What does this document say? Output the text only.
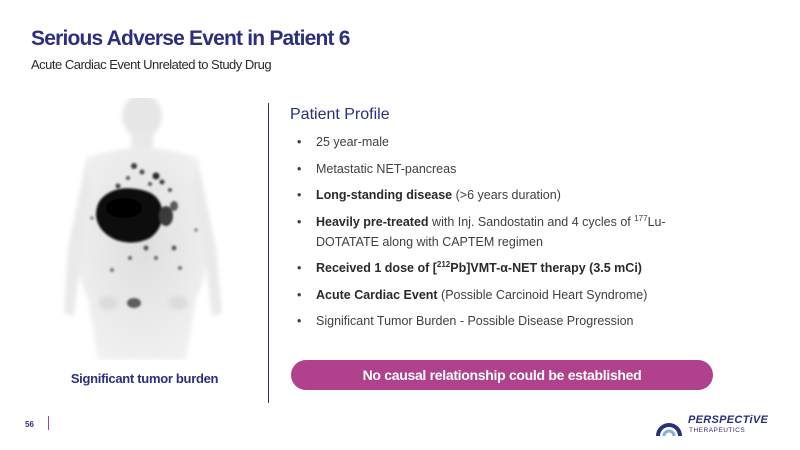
Serious Adverse Event in Patient 6
Acute Cardiac Event Unrelated to Study Drug
Significant tumor burden
Patient Profile
• 25 year-male
• Metastatic NET-pancreas
• Long-standing disease (>6 years duration)
• Heavily pre-treated with Inj. Sandostatin and 4 cycles of $^{177}$Lu-DOTATATE along with CAPTEM regimen
• Received 1 dose of [$^{212}$Pb]VMT-α-NET therapy (3.5 mCi)
• Acute Cardiac Event (Possible Carcinoid Heart Syndrome)
• Significant Tumor Burden - Possible Disease Progression
No causal relationship could be established
56	PERSPECTiVE
THERAPEUTICS
